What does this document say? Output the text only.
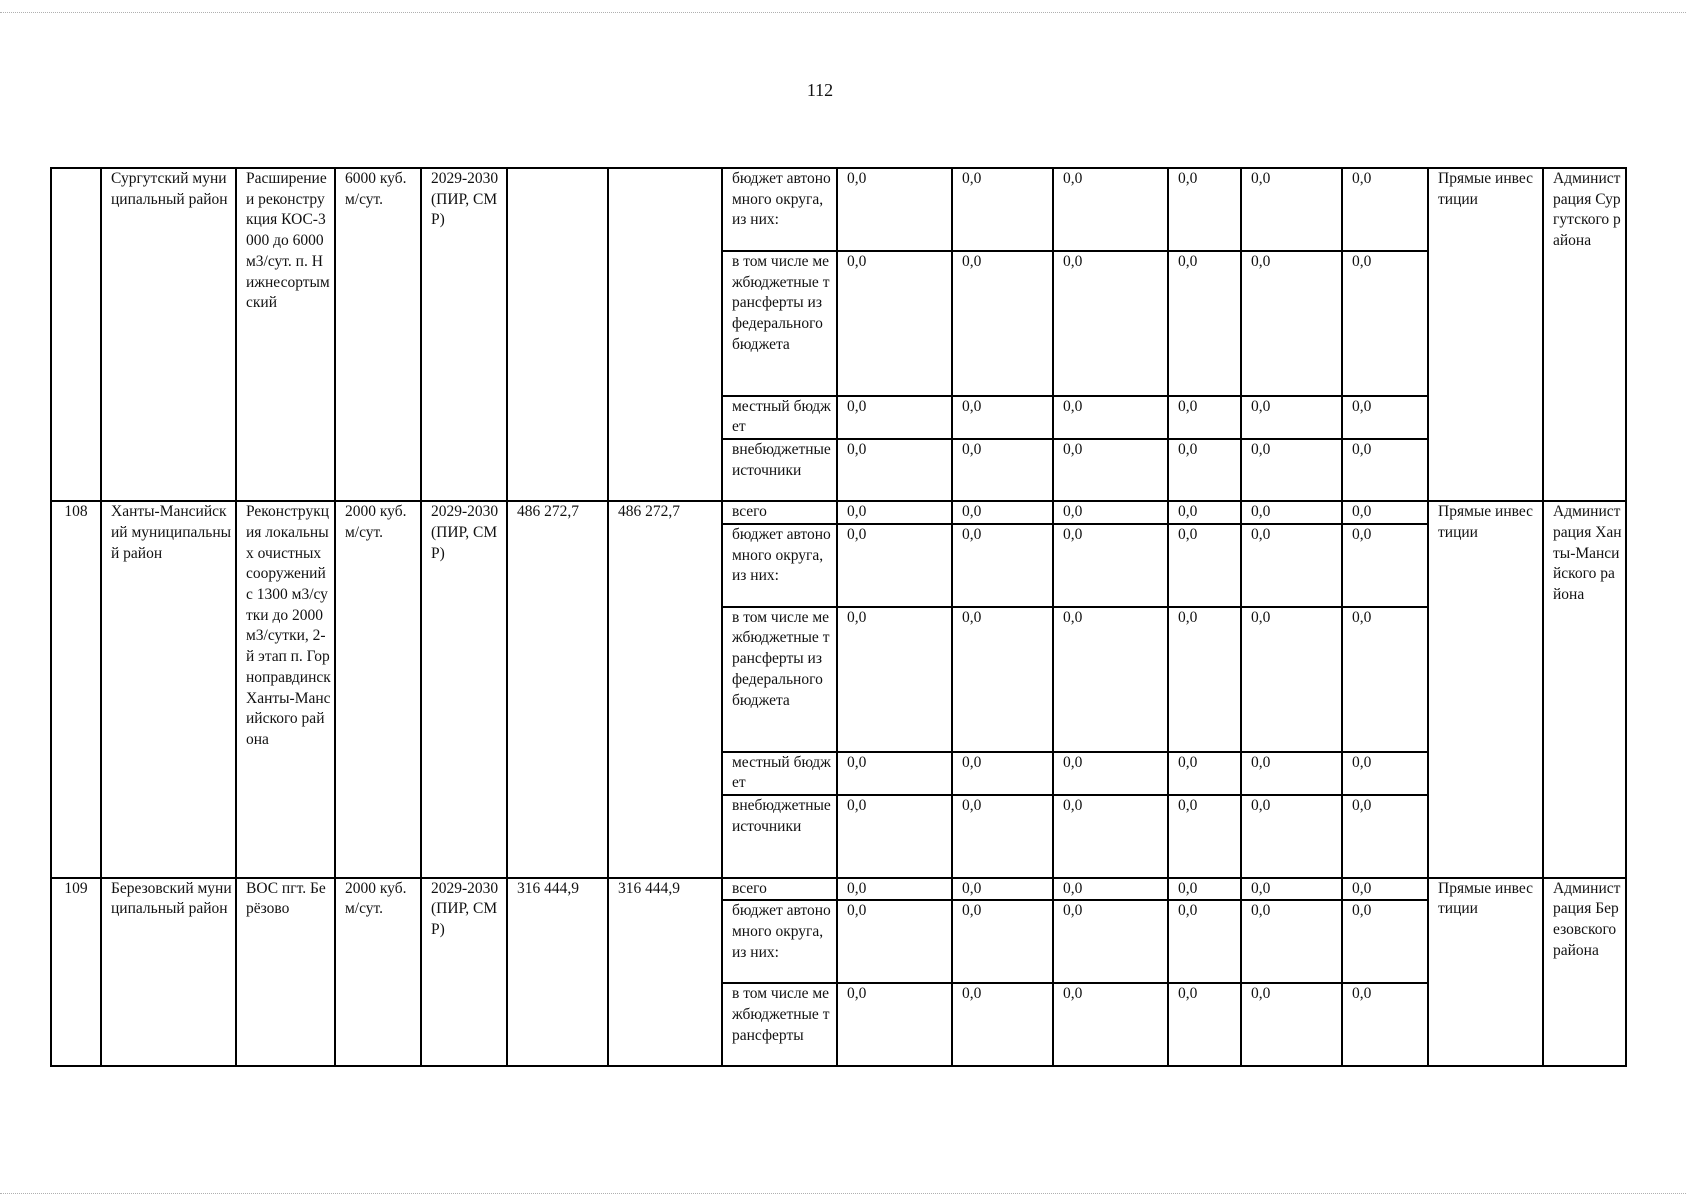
112
	Сургутский муниципальный район	Расширение и реконструкция КОС-3000 до 6000 м3/сут. п. Нижнесортымский	6000 куб. м/сут.	2029-2030 (ПИР, СМР)			бюджет автономного округа, из них:	0,0	0,0	0,0	0,0	0,0	0,0	Прямые инвестиции	Администрация Сургутского района
							в том числе межбюджетные трансферты из федерального бюджета	0,0	0,0	0,0	0,0	0,0	0,0		
							местный бюджет	0,0	0,0	0,0	0,0	0,0	0,0		
							внебюджетные источники	0,0	0,0	0,0	0,0	0,0	0,0		
108	Ханты-Мансийский муниципальный район	Реконструкция локальных очистных сооружений с 1300 м3/сутки до 2000 м3/сутки, 2-й этап п. Горноправдинск Ханты-Мансийского района	2000 куб. м/сут.	2029-2030 (ПИР, СМР)	486 272,7	486 272,7	всего	0,0	0,0	0,0	0,0	0,0	0,0	Прямые инвестиции	Администрация Ханты-Мансийского района
							бюджет автономного округа, из них:	0,0	0,0	0,0	0,0	0,0	0,0		
							в том числе межбюджетные трансферты из федерального бюджета	0,0	0,0	0,0	0,0	0,0	0,0		
							местный бюджет	0,0	0,0	0,0	0,0	0,0	0,0		
							внебюджетные источники	0,0	0,0	0,0	0,0	0,0	0,0		
109	Березовский муниципальный район	ВОС пгт. Берёзово	2000 куб. м/сут.	2029-2030 (ПИР, СМР)	316 444,9	316 444,9	всего	0,0	0,0	0,0	0,0	0,0	0,0	Прямые инвестиции	Администрация Березовского района
							бюджет автономного округа, из них:	0,0	0,0	0,0	0,0	0,0	0,0		
							в том числе межбюджетные трансферты	0,0	0,0	0,0	0,0	0,0	0,0		
